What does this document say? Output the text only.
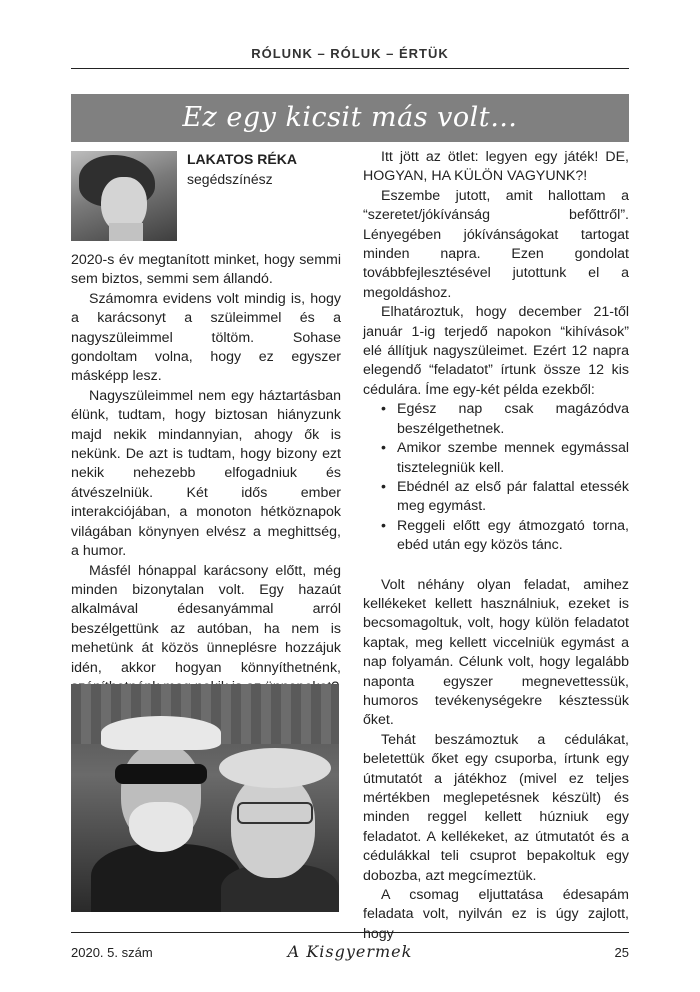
RÓLUNK – RÓLUK – ÉRTÜK
Ez egy kicsit más volt…
LAKATOS RÉKA
segédszínész

2020-s év megtanított minket, hogy semmi sem biztos, semmi sem állandó.

Számomra evidens volt mindig is, hogy a karácsonyt a szüleimmel és a nagyszüleimmel töltöm. Sohase gondoltam volna, hogy ez egyszer másképp lesz.

Nagyszüleimmel nem egy háztartásban élünk, tudtam, hogy biztosan hiányzunk majd nekik mindannyian, ahogy ők is nekünk. De azt is tudtam, hogy bizony ezt nekik nehezebb elfogadniuk és átvészelniük. Két idős ember interakciójában, a monoton hétköznapok világában könynyen elvész a meghittség, a humor.

Másfél hónappal karácsony előtt, még minden bizonytalan volt. Egy hazaút alkalmával édesanyámmal arról beszélgettünk az autóban, ha nem is mehetünk át közös ünneplésre hozzájuk idén, akkor hogyan könnyíthetnénk,

Itt jött az ötlet: legyen egy játék! DE, HOGYAN, HA KÜLÖN VAGYUNK?!

Eszembe jutott, amit hallottam a “szeretet/jókívánság befőttről”. Lényegében jókívánságokat tartogat minden napra. Ezen gondolat továbbfejlesztésével jutottunk el a megoldáshoz.

Elhatároztuk, hogy december 21-től január 1-ig terjedő napokon “kihívások” elé állítjuk nagyszüleimet. Ezért 12 napra elegendő “feladatot” írtunk össze 12 kis cédulára. Íme egy-két példa ezekből:

• Egész nap csak magázódva beszélgethetnek.
• Amikor szembe mennek egymással tisztelegniük kell.
• Ebédnél az első pár falattal etessék meg egymást.
• Reggeli előtt egy átmozgató torna, ebéd után egy közös tánc.

Volt néhány olyan feladat, amihez kellékeket kellett használniuk, ezeket is becsomagoltuk, volt, hogy külön feladatot kaptak, meg kellett viccelniük egymást a nap folyamán. Célunk volt, hogy legalább naponta egyszer megnevettessük, humoros tevékenységekre késztessük őket.

Tehát beszámoztuk a cédulákat, beletettük őket egy csuporba, írtunk egy útmutatót a játékhoz (mivel ez teljes mértékben meglepetésnek készült) és minden reggel kellett húzniuk egy feladatot. A kellékeket, az útmutatót és a cédulákkal teli csuprot bepakoltuk egy dobozba, azt megcímeztük.

A csomag eljuttatása édesapám feladata volt, nyilván ez is úgy zajlott, hogy

2020. 5. szám	A Kisgyermek	25
